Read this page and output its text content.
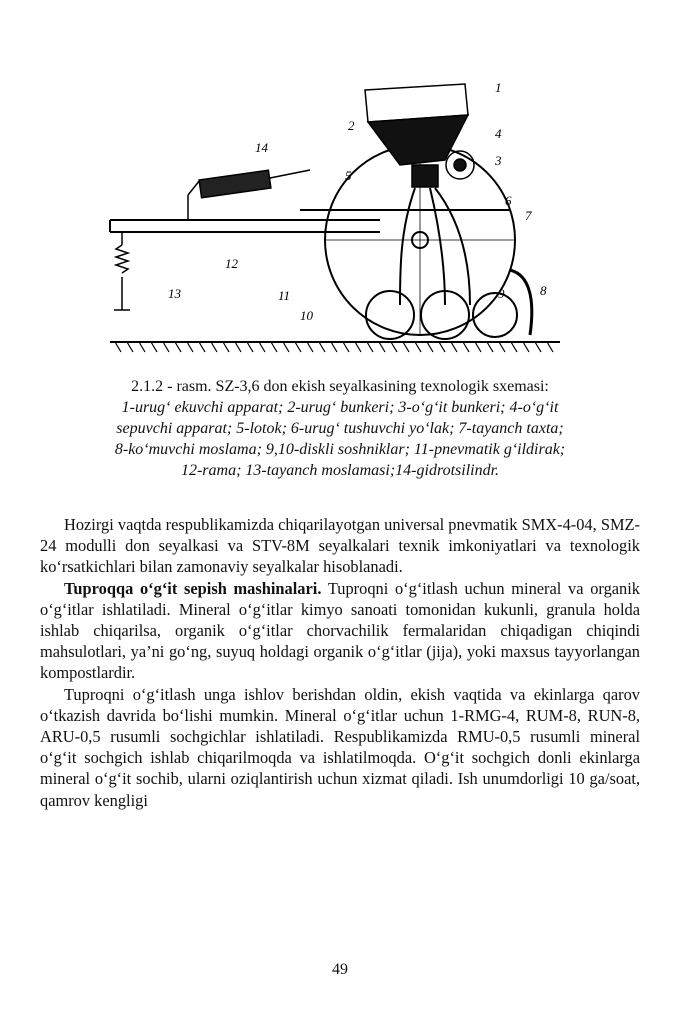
1
2
3
4
5
6
7
8
9
10
11
12
13
14
2.1.2 - rasm. SZ-3,6 don ekish seyalkasining texnologik sxemasi:
1-urug‘ ekuvchi apparat; 2-urug‘ bunkeri; 3-o‘g‘it bunkeri; 4-o‘g‘it
sepuvchi apparat; 5-lotok; 6-urug‘ tushuvchi yo‘lak; 7-tayanch taxta;
8-ko‘muvchi moslama; 9,10-diskli soshniklar; 11-pnevmatik g‘ildirak;
12-rama; 13-tayanch moslamasi;14-gidrotsilindr.

Hozirgi vaqtda respublikamizda chiqarilayotgan universal pnevmatik SMX-4-04, SMZ-24 modulli don seyalkasi va STV-8M seyalkalari texnik imkoniyatlari va texnologik ko‘rsatkichlari bilan zamonaviy seyalkalar hisoblanadi.

Tuproqqa o‘g‘it sepish mashinalari. Tuproqni o‘g‘itlash uchun mineral va organik o‘g‘itlar ishlatiladi. Mineral o‘g‘itlar kimyo sanoati tomonidan kukunli, granula holda ishlab chiqarilsa, organik o‘g‘itlar chorvachilik fermalaridan chiqadigan chiqindi mahsulotlari, ya’ni go‘ng, suyuq holdagi organik o‘g‘itlar (jija), yoki maxsus tayyorlangan kompostlardir.

Tuproqni o‘g‘itlash unga ishlov berishdan oldin, ekish vaqtida va ekinlarga qarov o‘tkazish davrida bo‘lishi mumkin. Mineral o‘g‘itlar uchun 1-RMG-4, RUM-8, RUN-8, ARU-0,5 rusumli sochgichlar ishlatiladi. Respublikamizda RMU-0,5 rusumli mineral o‘g‘it sochgich ishlab chiqarilmoqda va ishlatilmoqda. O‘g‘it sochgich donli ekinlarga mineral o‘g‘it sochib, ularni oziqlantirish uchun xizmat qiladi. Ish unumdorligi 10 ga/soat, qamrov kengligi

49
